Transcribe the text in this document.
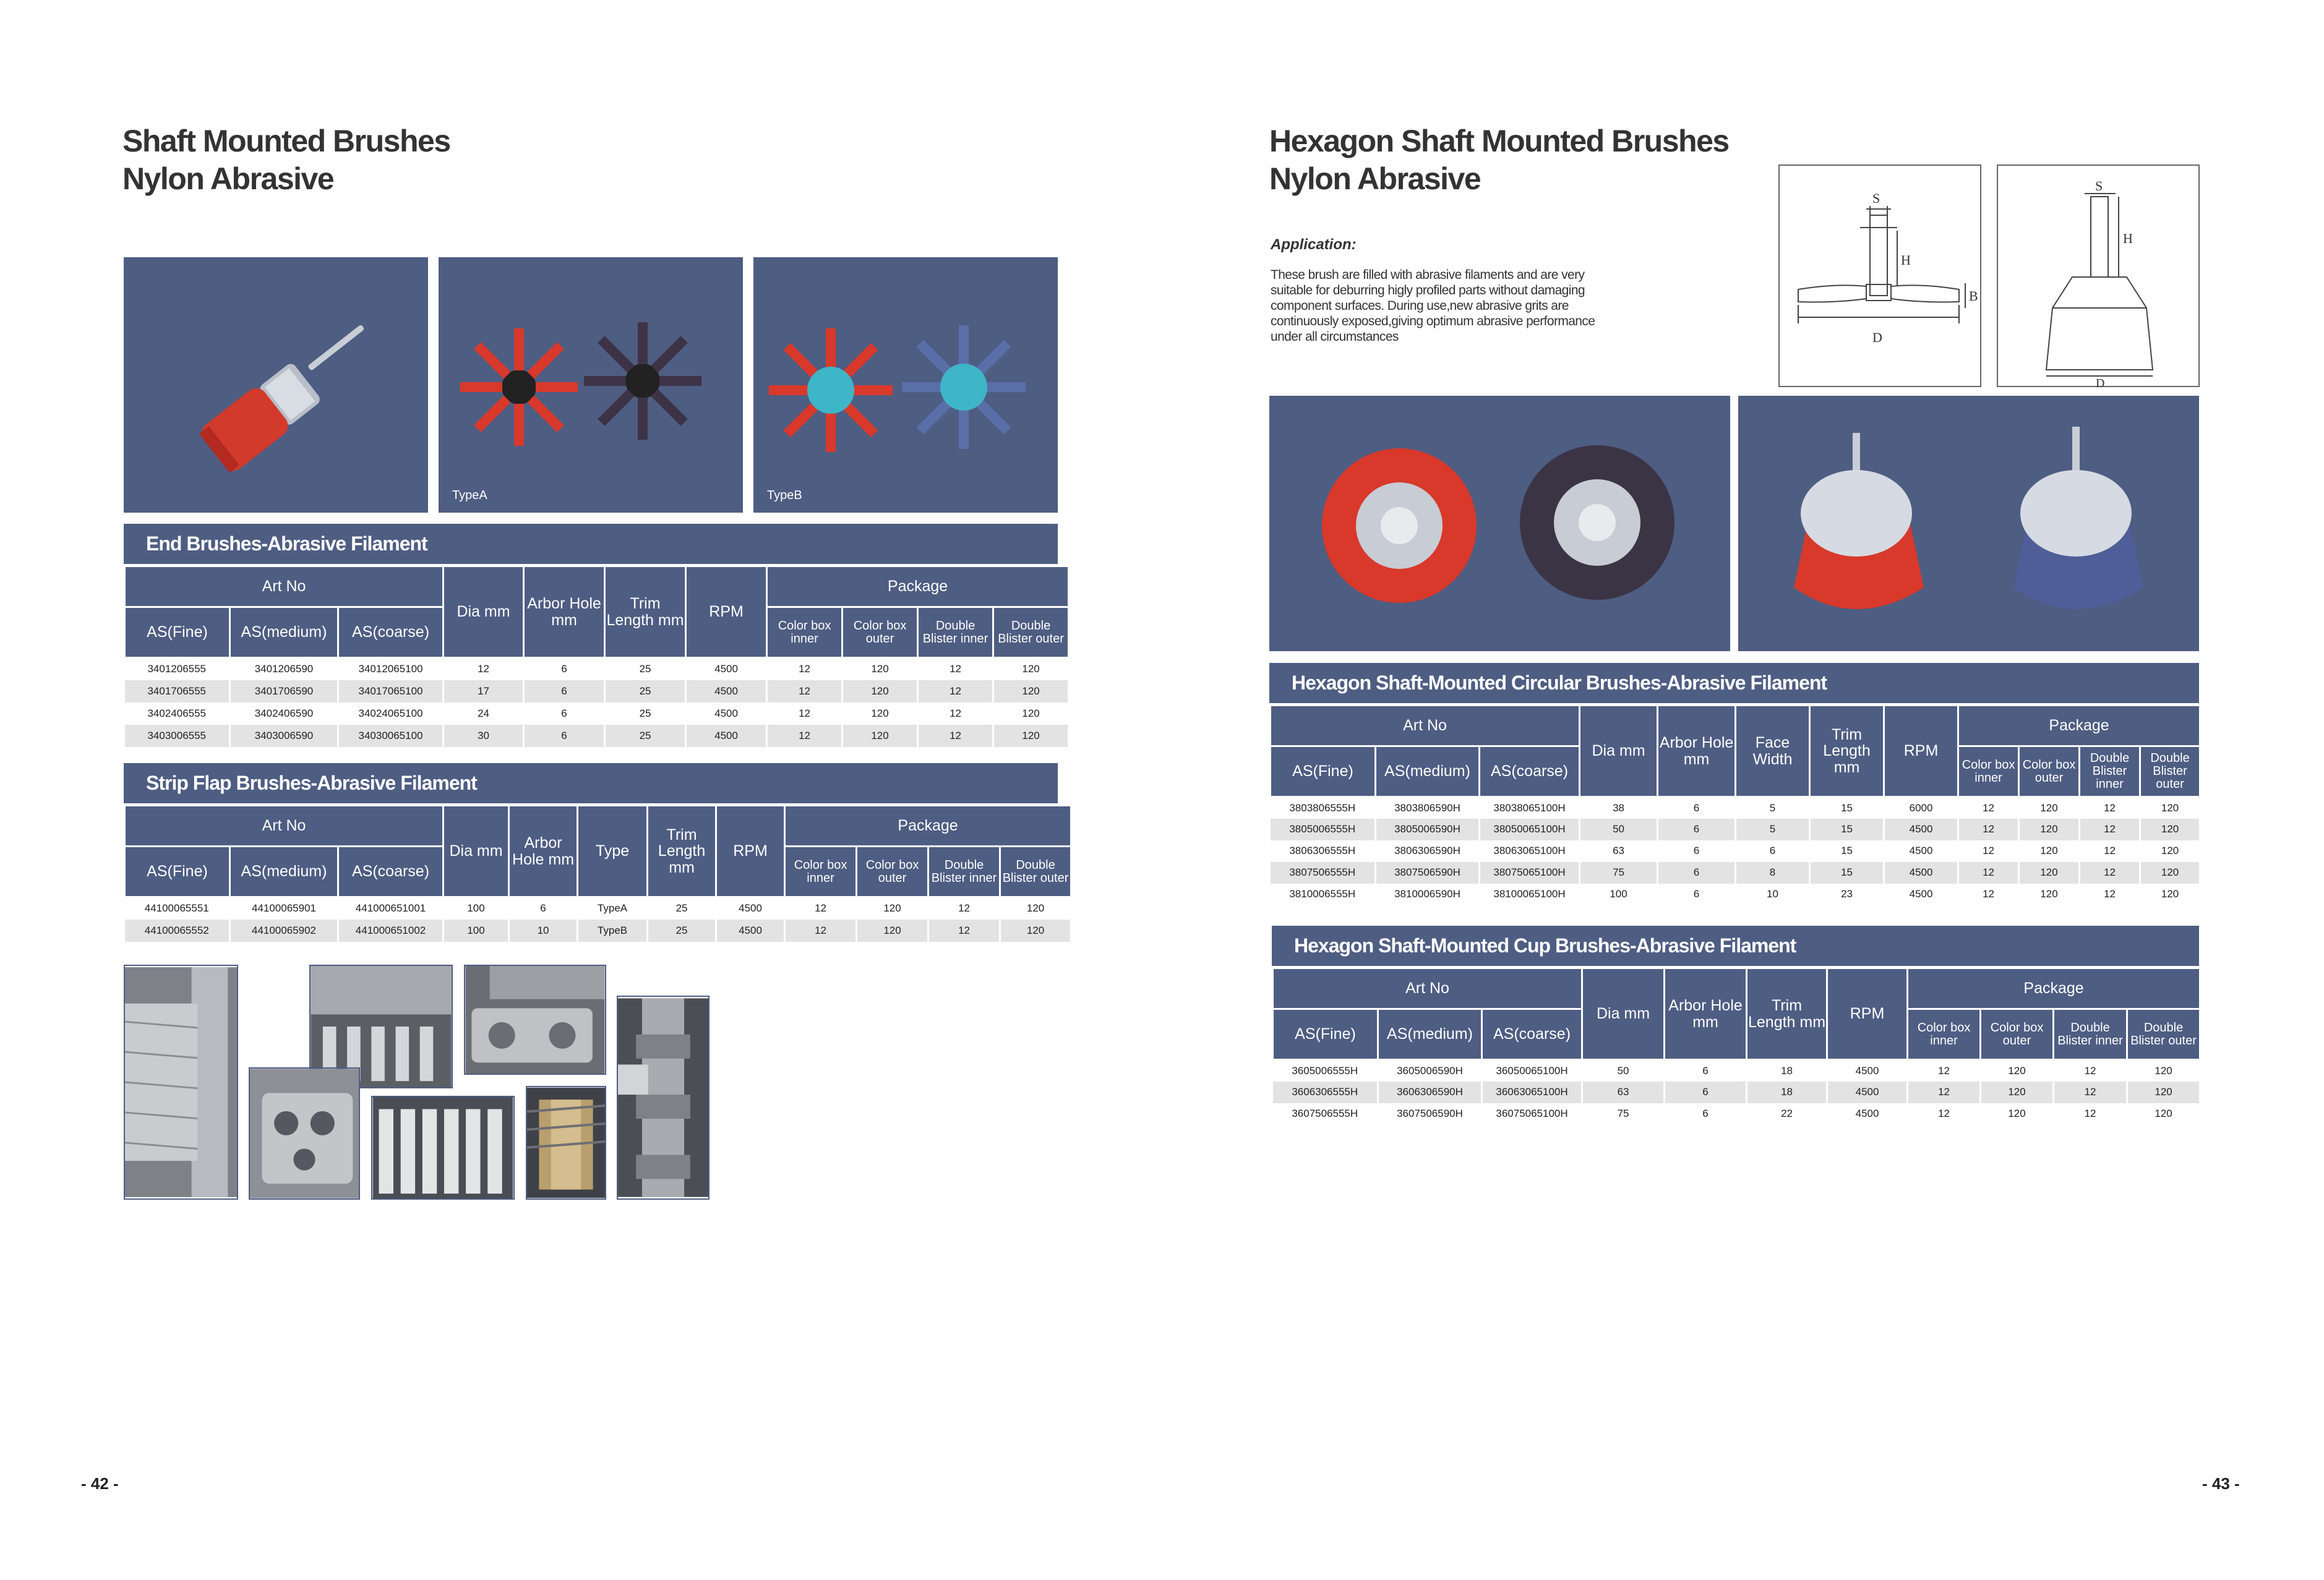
Shaft Mounted Brushes
Nylon Abrasive
TypeA	TypeB
End Brushes-Abrasive Filament
Art No			Dia mm	Arbor Hole mm	Trim Length mm	RPM	Package			
AS(Fine)	AS(medium)	AS(coarse)					Color box inner	Color box outer	Double Blister inner	Double Blister outer
3401206555	3401206590	34012065100	12	6	25	4500	12	120	12	120
3401706555	3401706590	34017065100	17	6	25	4500	12	120	12	120
3402406555	3402406590	34024065100	24	6	25	4500	12	120	12	120
3403006555	3403006590	34030065100	30	6	25	4500	12	120	12	120
Strip Flap Brushes-Abrasive Filament
Art No			Dia mm	Arbor Hole mm	Type	Trim Length mm	RPM	Package			
AS(Fine)	AS(medium)	AS(coarse)						Color box inner	Color box outer	Double Blister inner	Double Blister outer
44100065551	44100065901	441000651001	100	6	TypeA	25	4500	12	120	12	120
44100065552	44100065902	441000651002	100	10	TypeB	25	4500	12	120	12	120
- 42 -
Hexagon Shaft Mounted Brushes
Nylon Abrasive
Application:
These brush are filled with abrasive filaments and are very
suitable for deburring higly profiled parts without damaging
component surfaces. During use,new abrasive grits are
continuously exposed,giving optimum abrasive performance
under all circumstances
S
H
B
D
S
H
D
Hexagon Shaft-Mounted Circular Brushes-Abrasive Filament
Art No			Dia mm	Arbor Hole mm	Face Width	Trim Length mm	RPM	Package			
AS(Fine)	AS(medium)	AS(coarse)						Color box inner	Color box outer	Double Blister inner	Double Blister outer
3803806555H	3803806590H	38038065100H	38	6	5	15	6000	12	120	12	120
3805006555H	3805006590H	38050065100H	50	6	5	15	4500	12	120	12	120
3806306555H	3806306590H	38063065100H	63	6	6	15	4500	12	120	12	120
3807506555H	3807506590H	38075065100H	75	6	8	15	4500	12	120	12	120
3810006555H	3810006590H	38100065100H	100	6	10	23	4500	12	120	12	120
Hexagon Shaft-Mounted Cup Brushes-Abrasive Filament
Art No			Dia mm	Arbor Hole mm	Trim Length mm	RPM	Package			
AS(Fine)	AS(medium)	AS(coarse)					Color box inner	Color box outer	Double Blister inner	Double Blister outer
3605006555H	3605006590H	36050065100H	50	6	18	4500	12	120	12	120
3606306555H	3606306590H	36063065100H	63	6	18	4500	12	120	12	120
3607506555H	3607506590H	36075065100H	75	6	22	4500	12	120	12	120
- 43 -
